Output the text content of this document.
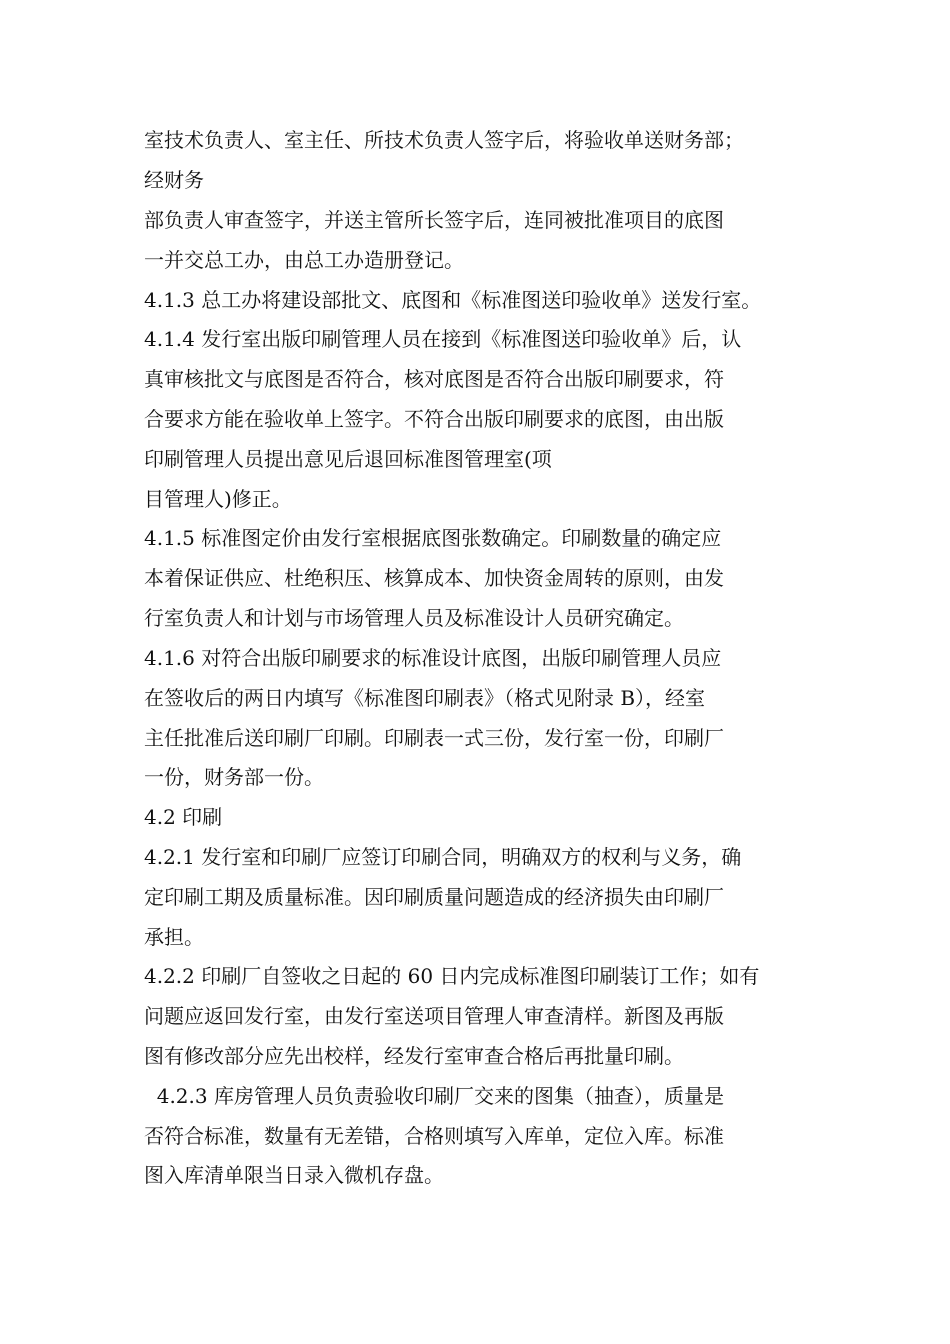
室技术负责人、室主任、所技术负责人签字后，将验收单送财务部；
经财务
部负责人审查签字，并送主管所长签字后，连同被批准项目的底图
一并交总工办，由总工办造册登记。
4.1.3 总工办将建设部批文、底图和《标准图送印验收单》送发行室。
4.1.4 发行室出版印刷管理人员在接到《标准图送印验收单》后，认
真审核批文与底图是否符合，核对底图是否符合出版印刷要求，符
合要求方能在验收单上签字。不符合出版印刷要求的底图，由出版
印刷管理人员提出意见后退回标准图管理室(项
目管理人)修正。
4.1.5 标准图定价由发行室根据底图张数确定。印刷数量的确定应
本着保证供应、杜绝积压、核算成本、加快资金周转的原则，由发
行室负责人和计划与市场管理人员及标准设计人员研究确定。
4.1.6 对符合出版印刷要求的标准设计底图，出版印刷管理人员应
在签收后的两日内填写《标准图印刷表》（格式见附录 B），经室
主任批准后送印刷厂印刷。印刷表一式三份，发行室一份，印刷厂
一份，财务部一份。
4.2 印刷
4.2.1 发行室和印刷厂应签订印刷合同，明确双方的权利与义务，确
定印刷工期及质量标准。因印刷质量问题造成的经济损失由印刷厂
承担。
4.2.2 印刷厂自签收之日起的 60 日内完成标准图印刷装订工作；如有
问题应返回发行室，由发行室送项目管理人审查清样。新图及再版
图有修改部分应先出校样，经发行室审查合格后再批量印刷。
4.2.3 库房管理人员负责验收印刷厂交来的图集（抽查），质量是
否符合标准，数量有无差错，合格则填写入库单，定位入库。标准
图入库清单限当日录入微机存盘。
